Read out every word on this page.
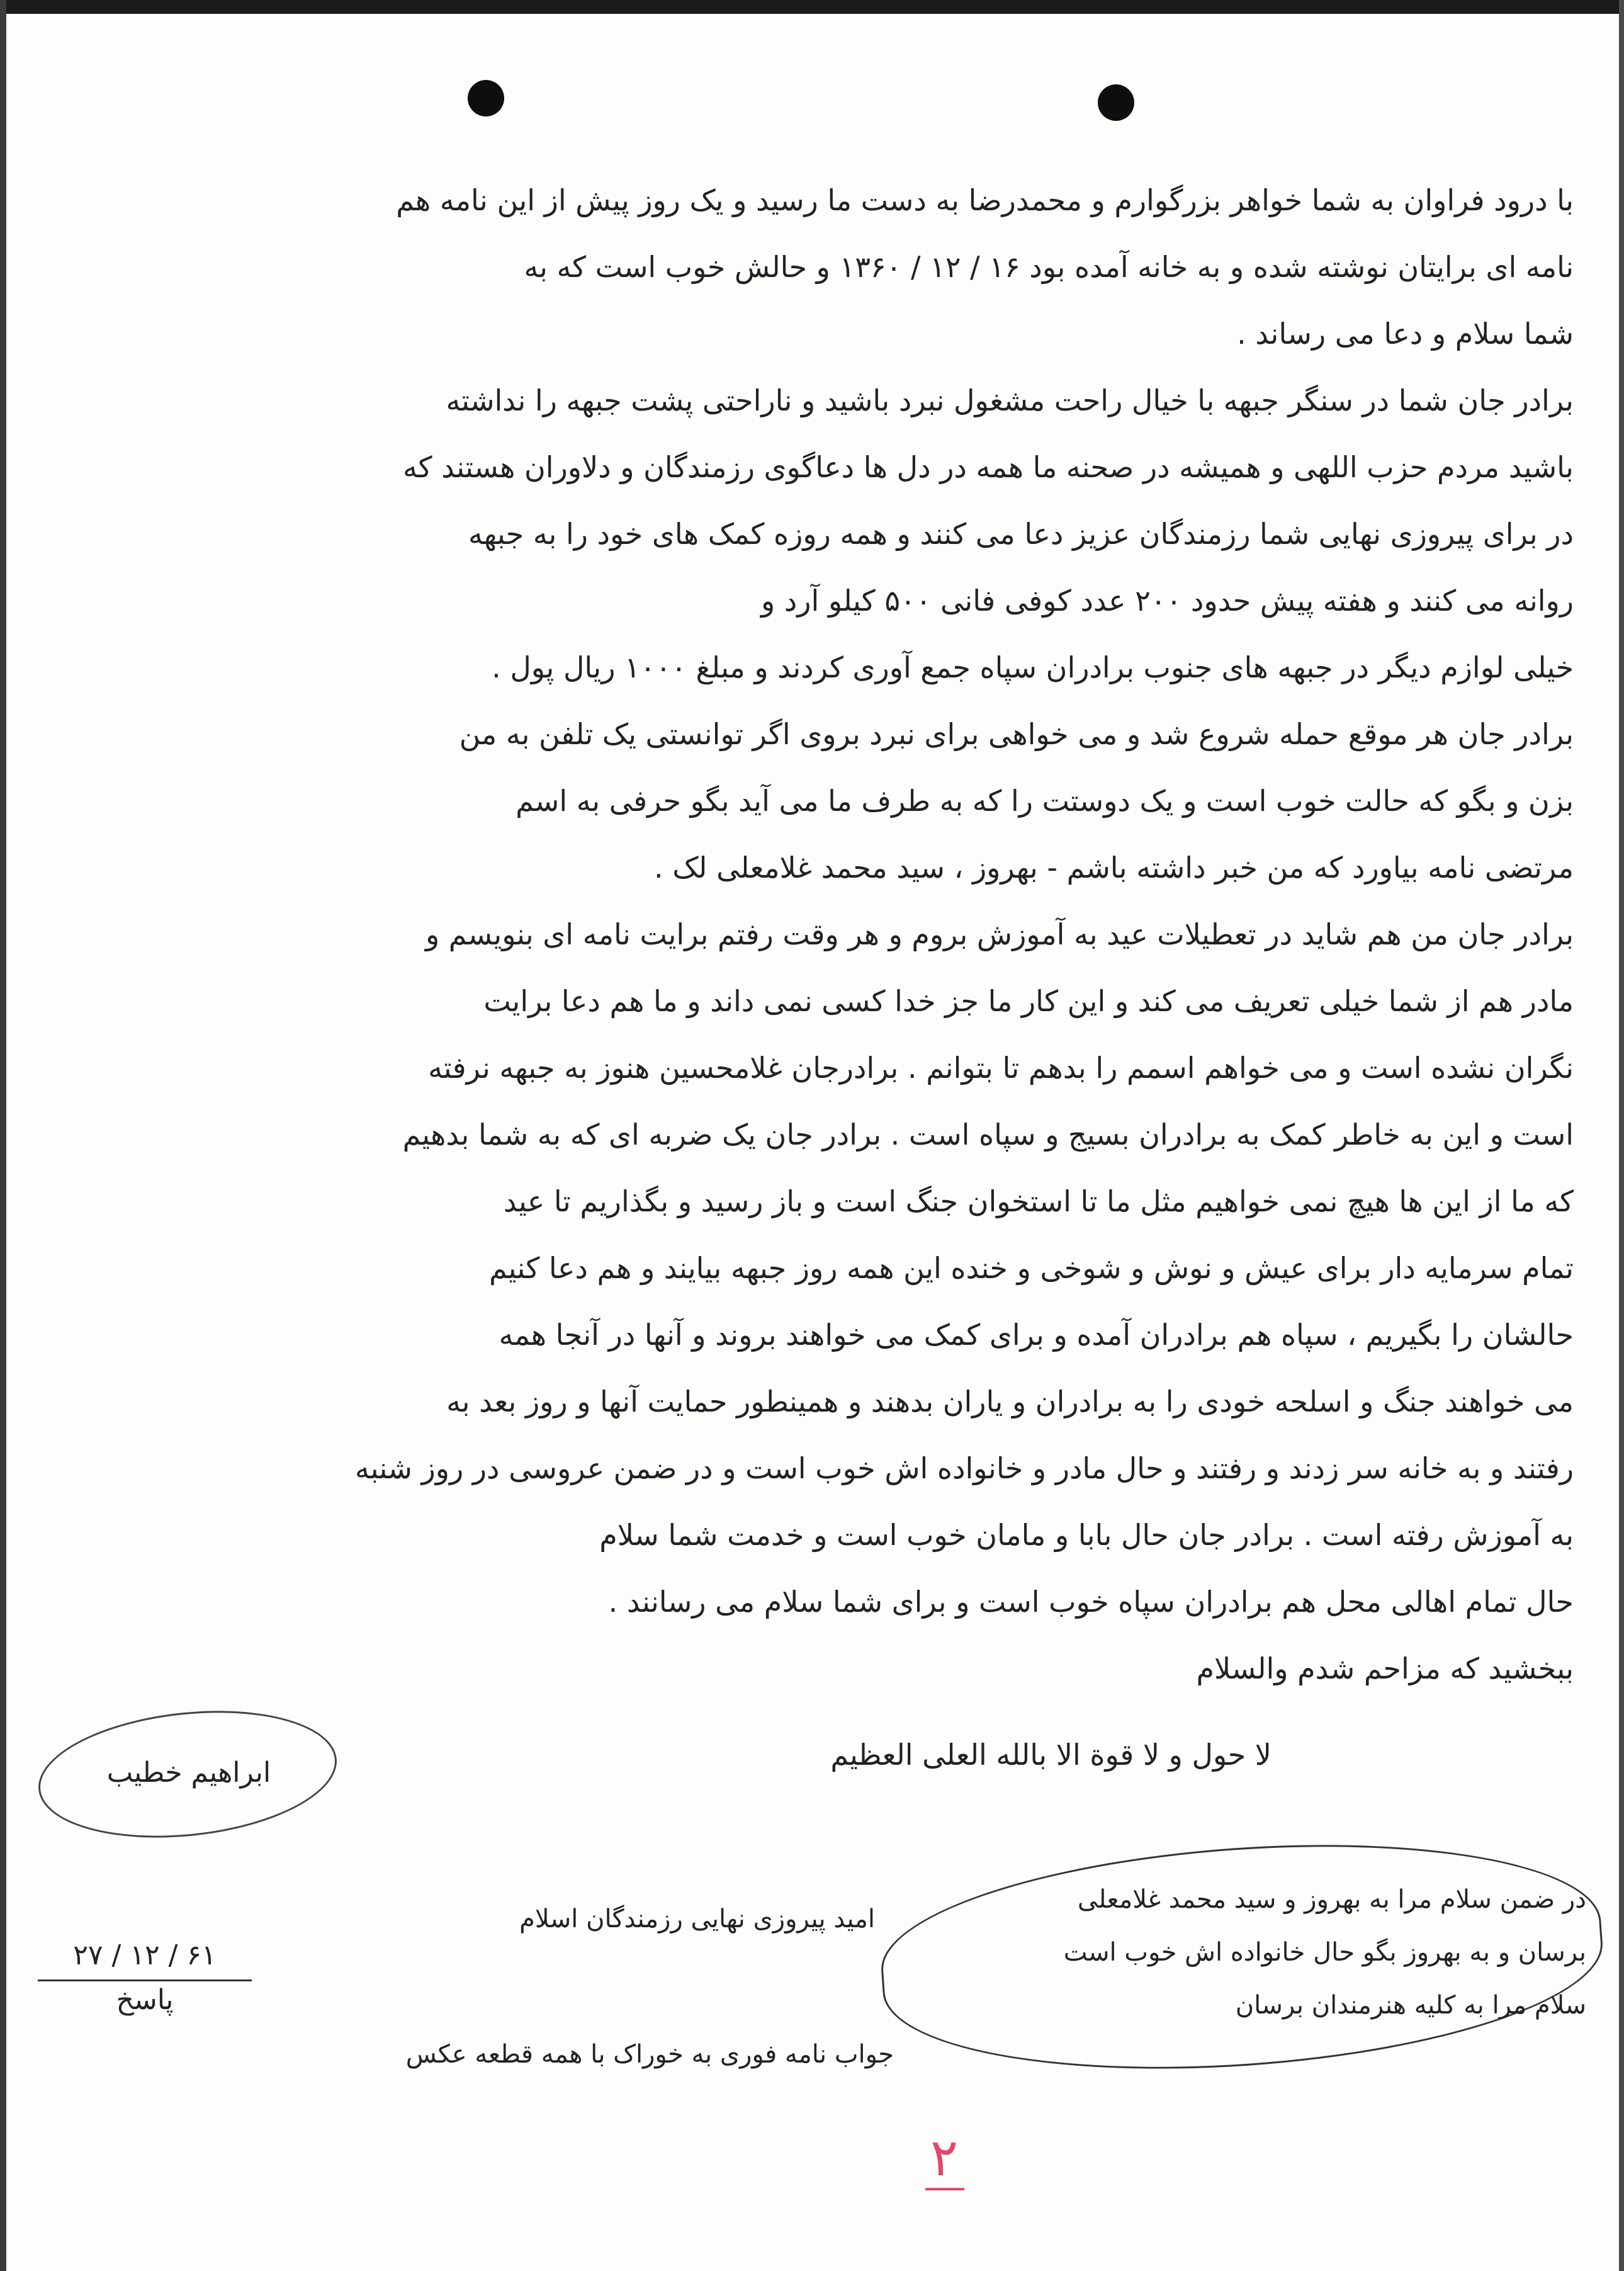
با درود فراوان به شما خواهر بزرگوارم و محمدرضا به دست ما رسید و یک روز پیش از این نامه هم
نامه ای برایتان نوشته شده و به خانه آمده بود ۱۶ / ۱۲ / ۱۳۶۰ و حالش خوب است که به
شما سلام و دعا می رساند .
برادر جان شما در سنگر جبهه با خیال راحت مشغول نبرد باشید و ناراحتی پشت جبهه را نداشته
باشید مردم حزب اللهی و همیشه در صحنه ما همه در دل ها دعاگوی رزمندگان و دلاوران هستند که
در برای پیروزی نهایی شما رزمندگان عزیز دعا می کنند و همه روزه کمک های خود را به جبهه
روانه می کنند و هفته پیش حدود ۲۰۰ عدد کوفی فانی ۵۰۰ کیلو آرد و
خیلی لوازم دیگر در جبهه های جنوب برادران سپاه جمع آوری کردند و مبلغ ۱۰۰۰ ریال پول .
برادر جان هر موقع حمله شروع شد و می خواهی برای نبرد بروی اگر توانستی یک تلفن به من
بزن و بگو که حالت خوب است و یک دوستت را که به طرف ما می آید بگو حرفی به اسم
مرتضی نامه بیاورد که من خبر داشته باشم - بهروز ، سید محمد غلامعلی لک .
برادر جان من هم شاید در تعطیلات عید به آموزش بروم و هر وقت رفتم برایت نامه ای بنویسم و
مادر هم از شما خیلی تعریف می کند و این کار ما جز خدا کسی نمی داند و ما هم دعا برایت
نگران نشده است و می خواهم اسمم را بدهم تا بتوانم . برادرجان غلامحسین هنوز به جبهه نرفته
است و این به خاطر کمک به برادران بسیج و سپاه است . برادر جان یک ضربه ای که به شما بدهیم
که ما از این ها هیچ نمی خواهیم مثل ما تا استخوان جنگ است و باز رسید و بگذاریم تا عید
تمام سرمایه دار برای عیش و نوش و شوخی و خنده این همه روز جبهه بیایند و هم دعا کنیم
حالشان را بگیریم ، سپاه هم برادران آمده و برای کمک می خواهند بروند و آنها در آنجا همه
می خواهند جنگ و اسلحه خودی را به برادران و یاران بدهند و همینطور حمایت آنها و روز بعد به
رفتند و به خانه سر زدند و رفتند و حال مادر و خانواده اش خوب است و در ضمن عروسی در روز شنبه
به آموزش رفته است . برادر جان حال بابا و مامان خوب است و خدمت شما سلام
حال تمام اهالی محل هم برادران سپاه خوب است و برای شما سلام می رسانند .
ببخشید که مزاحم شدم والسلام
لا حول و لا قوة الا بالله العلی العظیم
ابراهیم خطیب
امید پیروزی نهایی رزمندگان اسلام
در ضمن سلام مرا به بهروز و سید محمد غلامعلی
برسان و به بهروز بگو حال خانواده اش خوب است
سلام مرا به کلیه هنرمندان برسان
۲۷ / ۱۲ / ۶۱
پاسخ
جواب نامه فوری به خوراک با همه قطعه عکس
۲
